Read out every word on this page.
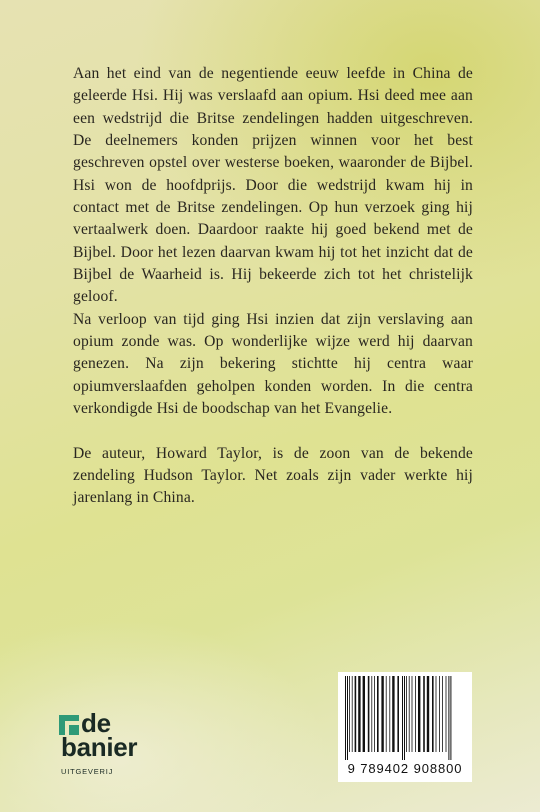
Aan het eind van de negentiende eeuw leefde in China de geleerde Hsi. Hij was verslaafd aan opium. Hsi deed mee aan een wedstrijd die Britse zendelingen hadden uitgeschreven. De deelnemers konden prijzen winnen voor het best geschreven opstel over westerse boeken, waaronder de Bijbel. Hsi won de hoofdprijs. Door die wedstrijd kwam hij in contact met de Britse zendelingen. Op hun verzoek ging hij vertaalwerk doen. Daardoor raakte hij goed bekend met de Bijbel. Door het lezen daarvan kwam hij tot het inzicht dat de Bijbel de Waarheid is. Hij bekeerde zich tot het christelijk geloof.

Na verloop van tijd ging Hsi inzien dat zijn verslaving aan opium zonde was. Op wonderlijke wijze werd hij daarvan genezen. Na zijn bekering stichtte hij centra waar opiumverslaafden geholpen konden worden. In die centra verkondigde Hsi de boodschap van het Evangelie.

De auteur, Howard Taylor, is de zoon van de bekende zendeling Hudson Taylor. Net zoals zijn vader werkte hij jarenlang in China.

de
banier
UITGEVERIJ	9 789402 908800
